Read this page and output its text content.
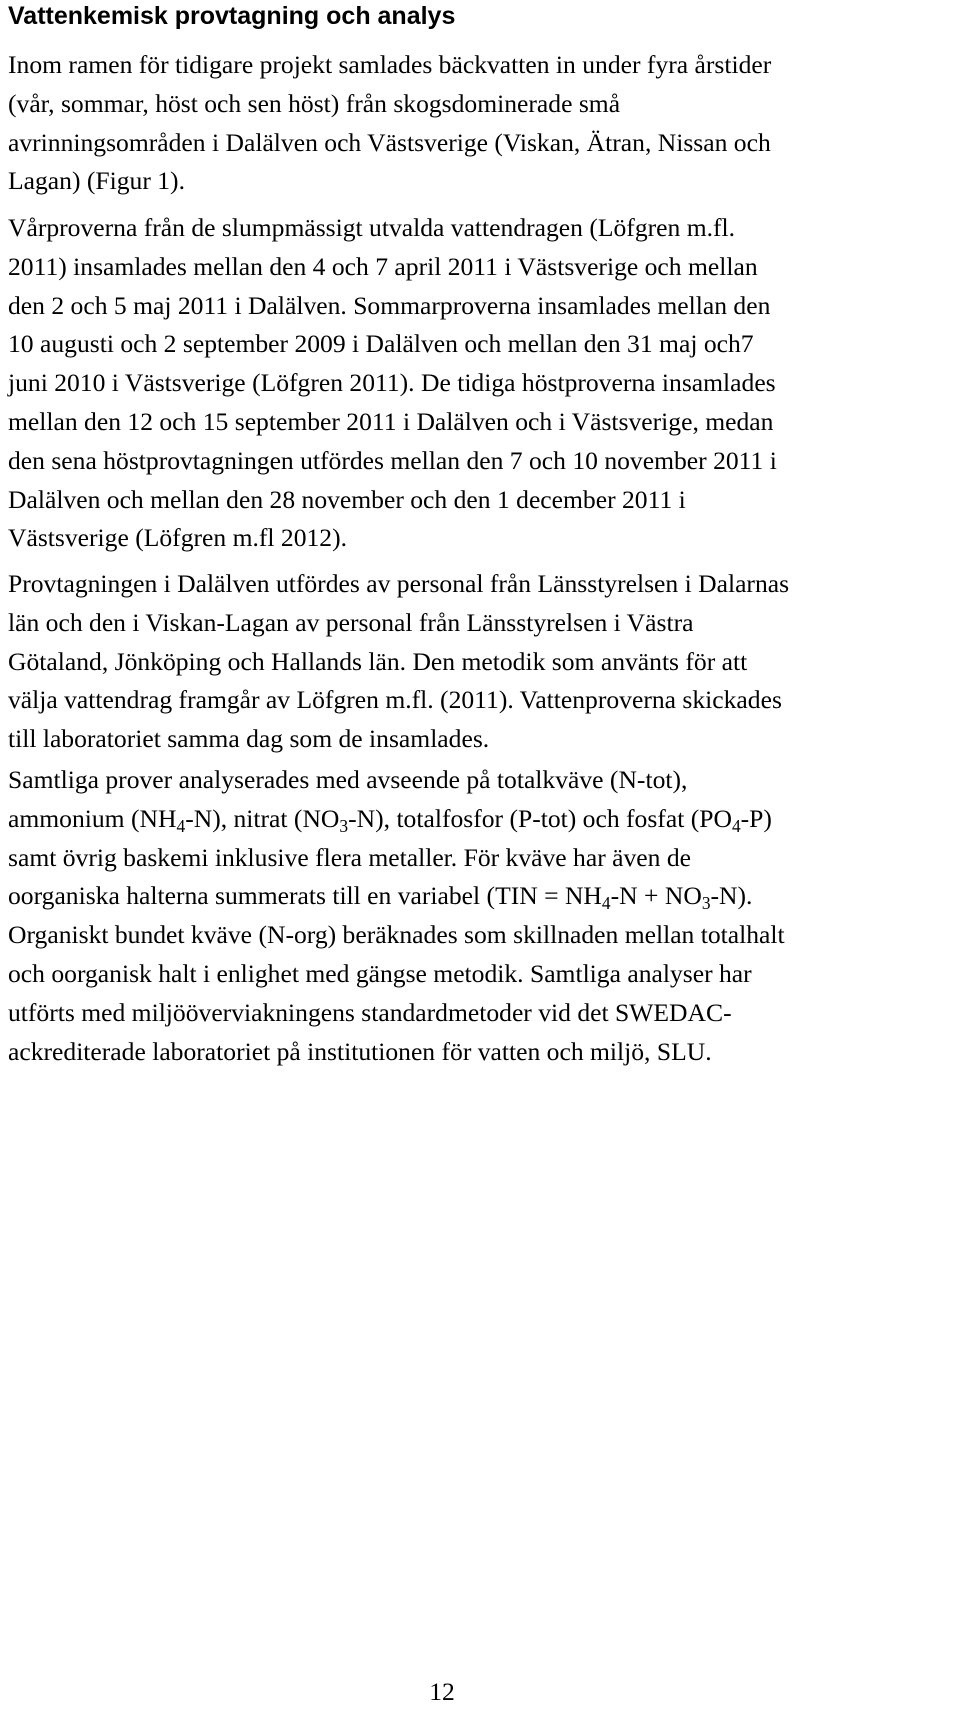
Vattenkemisk provtagning och analys

Inom ramen för tidigare projekt samlades bäckvatten in under fyra årstider
(vår, sommar, höst och sen höst) från skogsdominerade små
avrinningsområden i Dalälven och Västsverige (Viskan, Ätran, Nissan och
Lagan) (Figur 1).

Vårproverna från de slumpmässigt utvalda vattendragen (Löfgren m.fl.
2011) insamlades mellan den 4 och 7 april 2011 i Västsverige och mellan
den 2 och 5 maj 2011 i Dalälven. Sommarproverna insamlades mellan den
10 augusti och 2 september 2009 i Dalälven och mellan den 31 maj och7
juni 2010 i Västsverige (Löfgren 2011). De tidiga höstproverna insamlades
mellan den 12 och 15 september 2011 i Dalälven och i Västsverige, medan
den sena höstprovtagningen utfördes mellan den 7 och 10 november 2011 i
Dalälven och mellan den 28 november och den 1 december 2011 i
Västsverige (Löfgren m.fl 2012).

Provtagningen i Dalälven utfördes av personal från Länsstyrelsen i Dalarnas
län och den i Viskan-Lagan av personal från Länsstyrelsen i Västra
Götaland, Jönköping och Hallands län. Den metodik som använts för att
välja vattendrag framgår av Löfgren m.fl. (2011). Vattenproverna skickades
till laboratoriet samma dag som de insamlades.

Samtliga prover analyserades med avseende på totalkväve (N-tot),
ammonium $(NH_4-N)$, nitrat $(NO_3-N)$, totalfosfor (P-tot) och fosfat $(PO_4-P)$
samt övrig baskemi inklusive flera metaller. För kväve har även de
oorganiska halterna summerats till en variabel $(TIN = NH_4-N + NO_3-N)$.
Organiskt bundet kväve (N-org) beräknades som skillnaden mellan totalhalt
och oorganisk halt i enlighet med gängse metodik. Samtliga analyser har
utförts med miljööverviakningens standardmetoder vid det SWEDAC-
ackrediterade laboratoriet på institutionen för vatten och miljö, SLU.

12
